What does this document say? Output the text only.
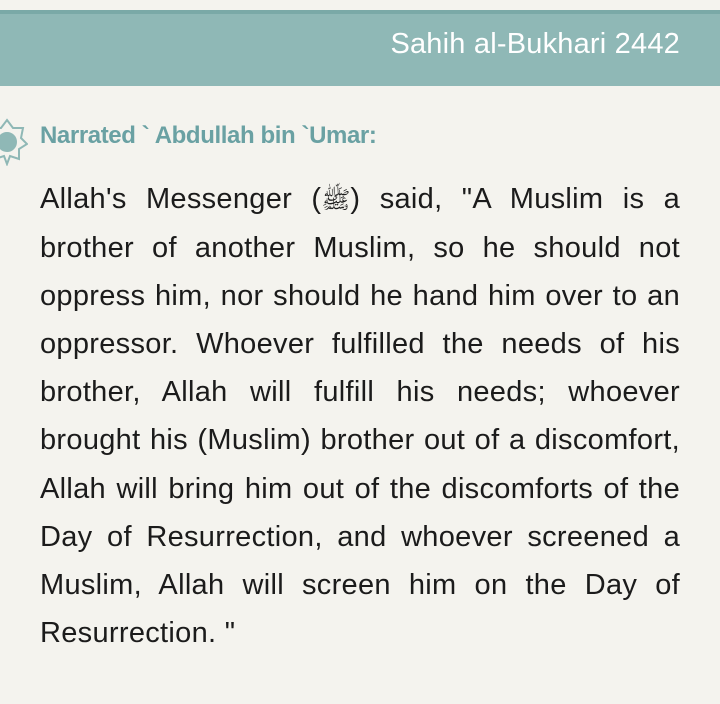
Sahih al-Bukhari 2442
Narrated ` Abdullah bin `Umar:

Allah's Messenger (ﷺ) said, "A Muslim is a brother of another Muslim, so he should not oppress him, nor should he hand him over to an oppressor. Whoever fulfilled the needs of his brother, Allah will fulfill his needs; whoever brought his (Muslim) brother out of a discomfort, Allah will bring him out of the discomforts of the Day of Resurrection, and whoever screened a Muslim, Allah will screen him on the Day of Resurrection. "
